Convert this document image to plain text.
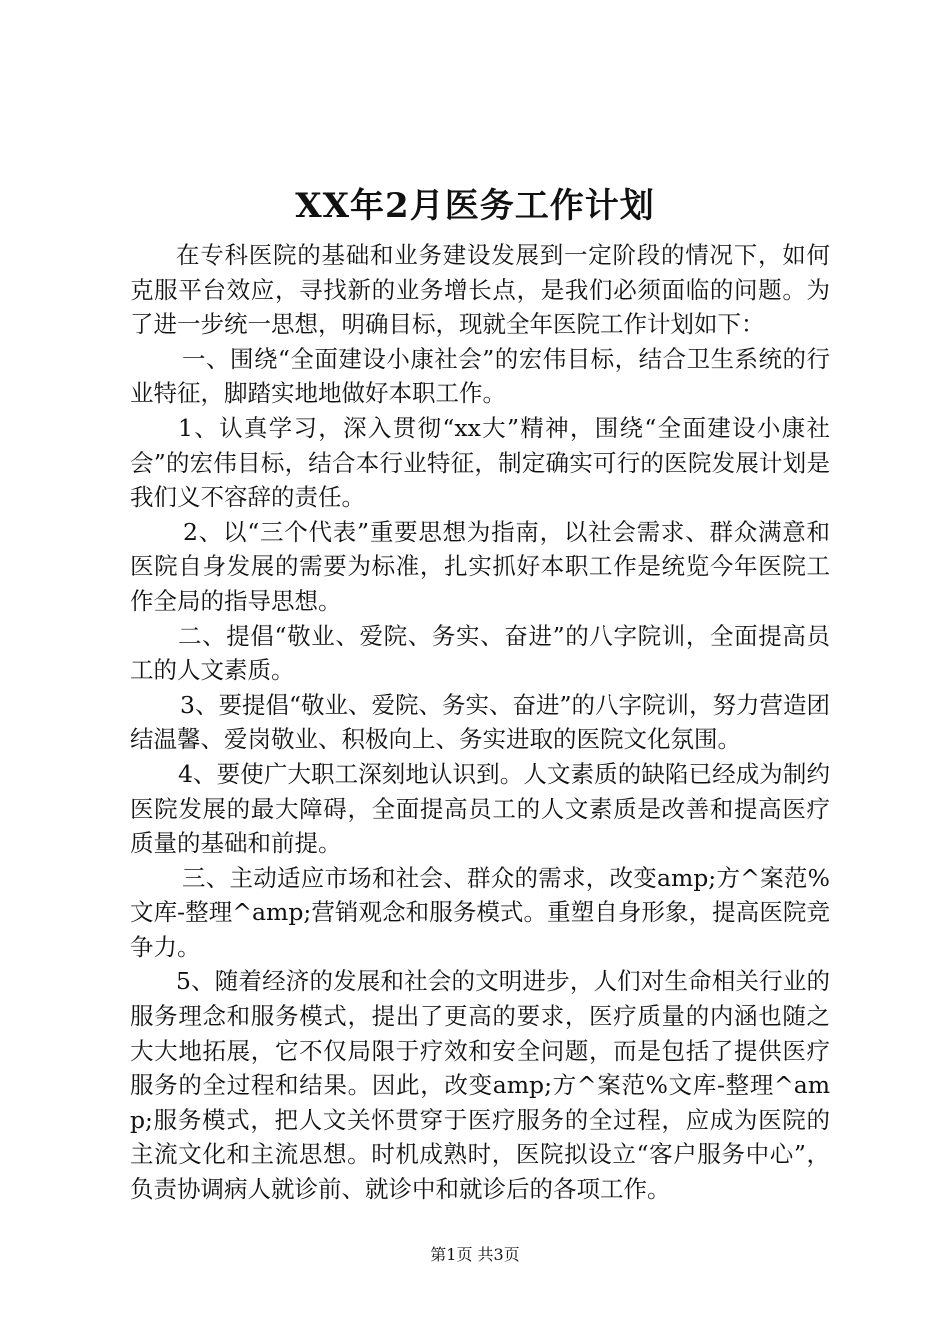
XX年2月医务工作计划

在专科医院的基础和业务建设发展到一定阶段的情况下，如何克服平台效应，寻找新的业务增长点，是我们必须面临的问题。为了进一步统一思想，明确目标，现就全年医院工作计划如下：

一、围绕“全面建设小康社会”的宏伟目标，结合卫生系统的行业特征，脚踏实地地做好本职工作。

1、认真学习，深入贯彻“xx大”精神，围绕“全面建设小康社会”的宏伟目标，结合本行业特征，制定确实可行的医院发展计划是我们义不容辞的责任。

2、以“三个代表”重要思想为指南，以社会需求、群众满意和医院自身发展的需要为标准，扎实抓好本职工作是统览今年医院工作全局的指导思想。

二、提倡“敬业、爱院、务实、奋进”的八字院训，全面提高员工的人文素质。

3、要提倡“敬业、爱院、务实、奋进”的八字院训，努力营造团结温馨、爱岗敬业、积极向上、务实进取的医院文化氛围。

4、要使广大职工深刻地认识到。人文素质的缺陷已经成为制约医院发展的最大障碍，全面提高员工的人文素质是改善和提高医疗质量的基础和前提。

三、主动适应市场和社会、群众的需求，改变amp;方^案范%文库-整理^amp;营销观念和服务模式。重塑自身形象，提高医院竞争力。

5、随着经济的发展和社会的文明进步，人们对生命相关行业的服务理念和服务模式，提出了更高的要求，医疗质量的内涵也随之大大地拓展，它不仅局限于疗效和安全问题，而是包括了提供医疗服务的全过程和结果。因此，改变amp;方^案范%文库-整理^amp;服务模式，把人文关怀贯穿于医疗服务的全过程，应成为医院的主流文化和主流思想。时机成熟时，医院拟设立“客户服务中心”，负责协调病人就诊前、就诊中和就诊后的各项工作。

第1页 共3页
